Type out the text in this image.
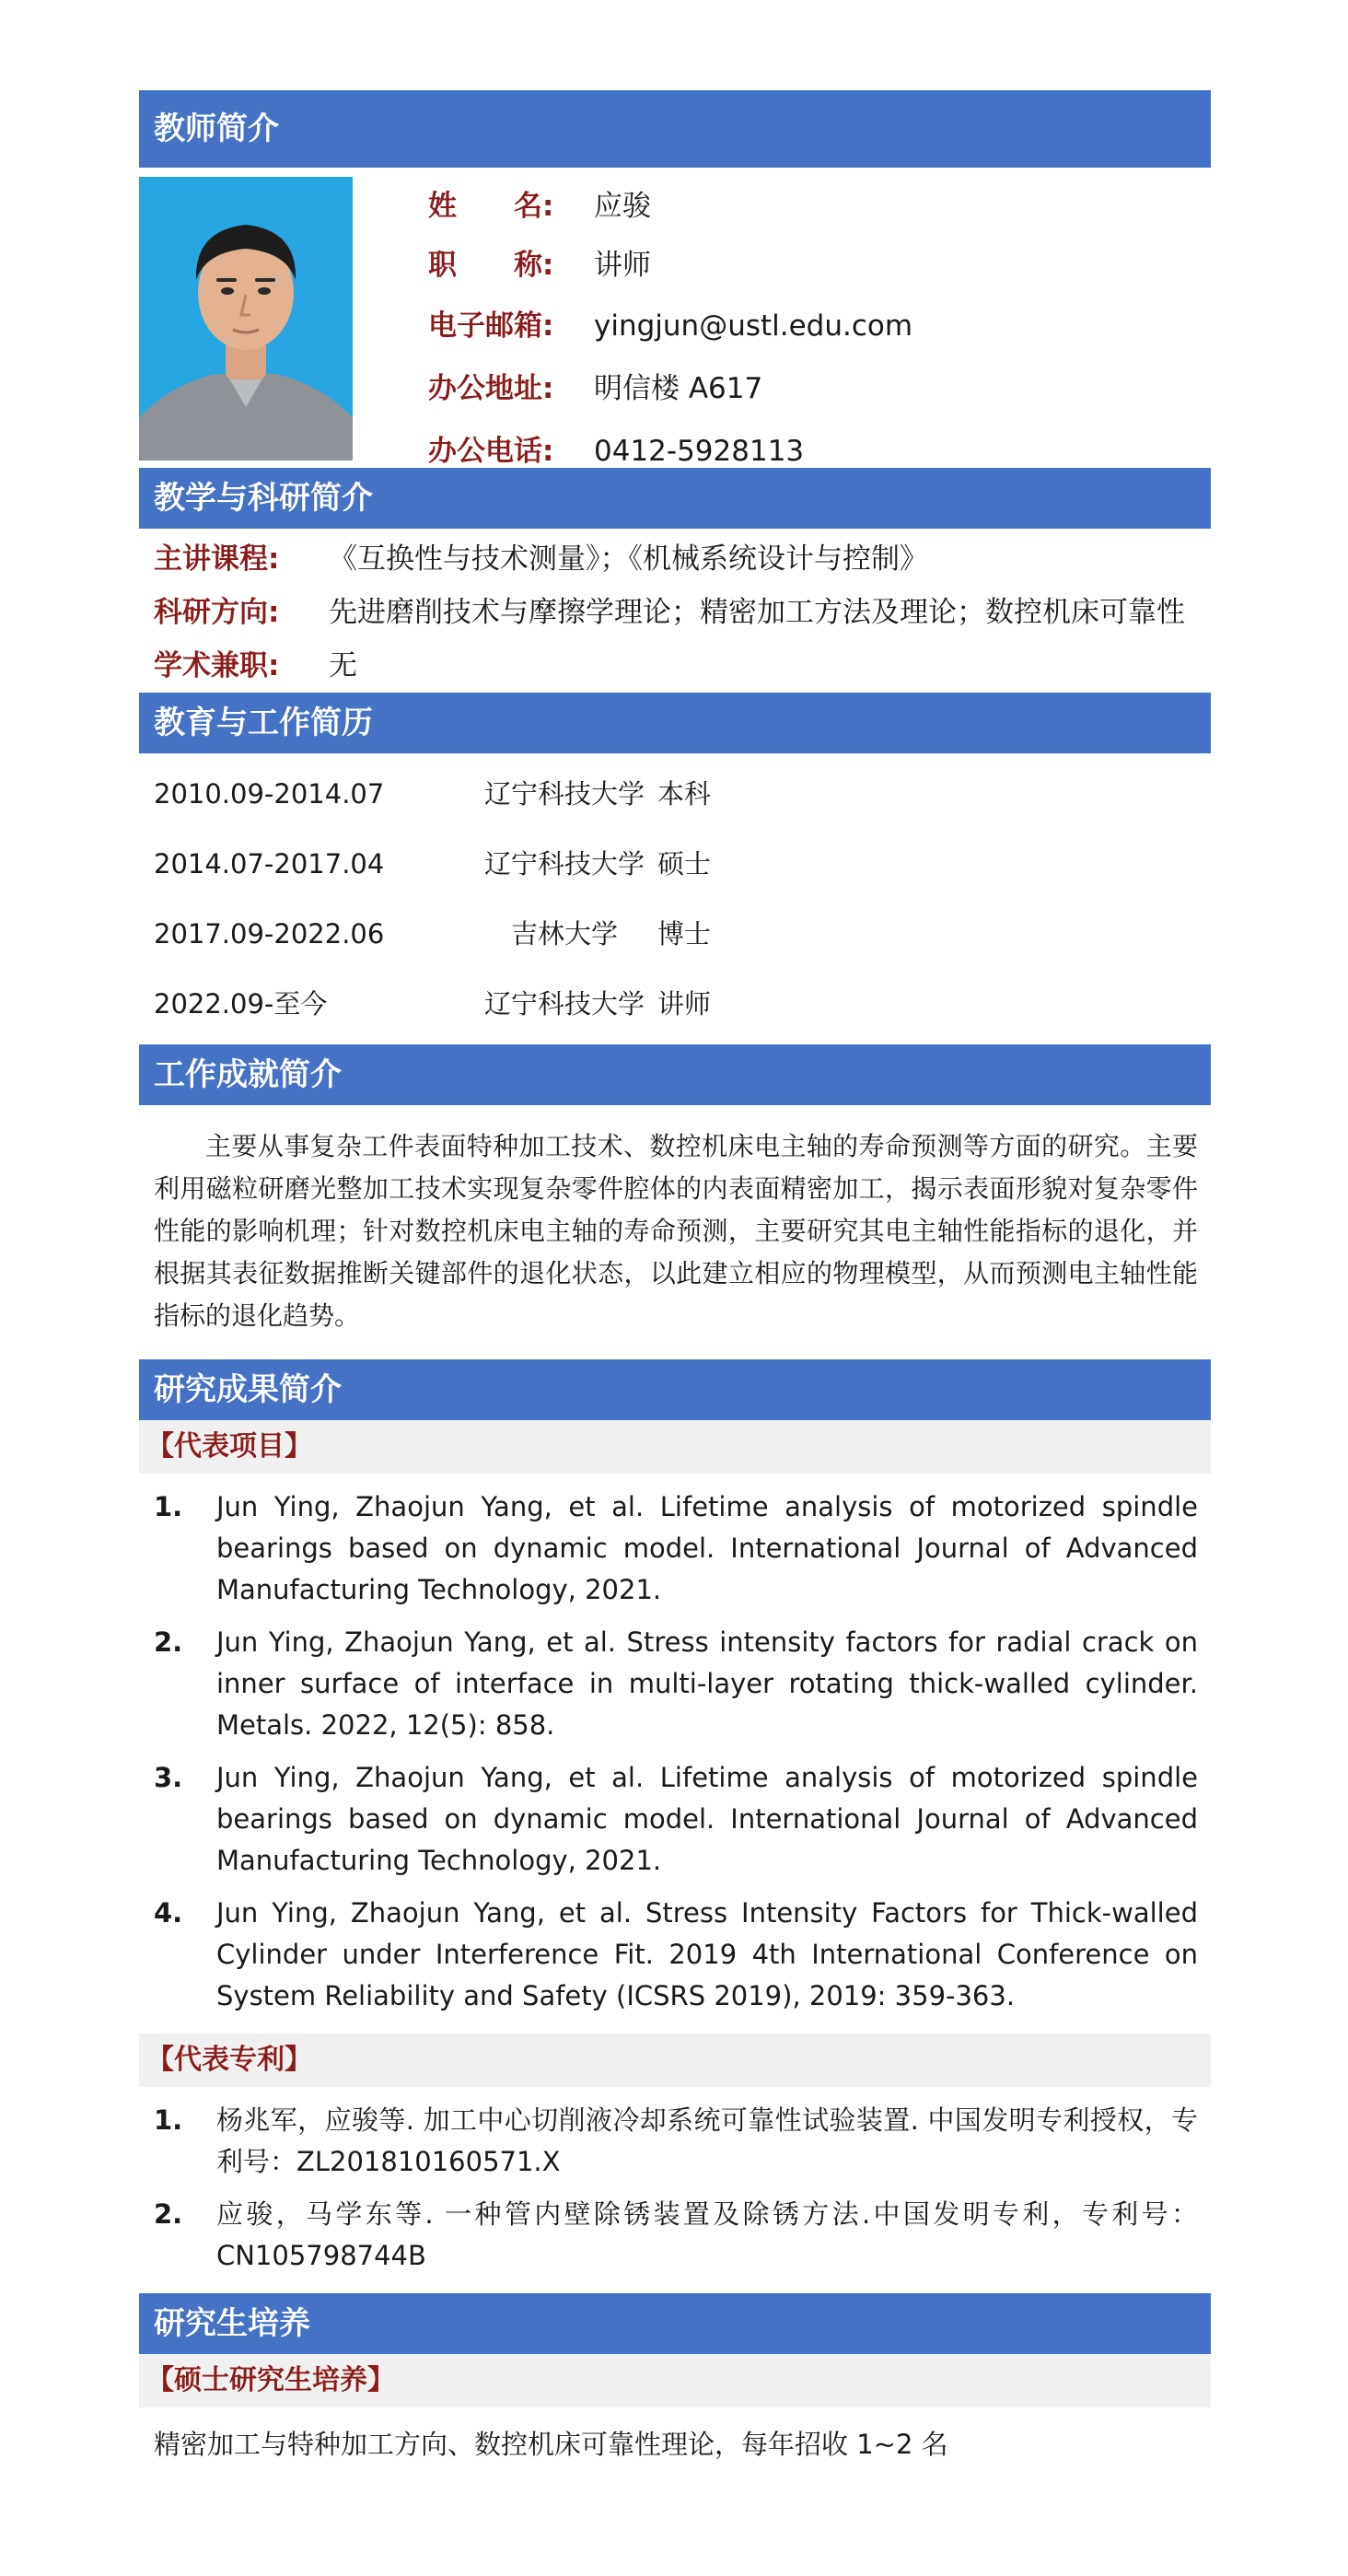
教师简介
姓　　名: 应骏
职　　称: 讲师
电子邮箱: yingjun@ustl.edu.com
办公地址: 明信楼 A617
办公电话: 0412-5928113
教学与科研简介
主讲课程:	《互换性与技术测量》；《机械系统设计与控制》
科研方向:	先进磨削技术与摩擦学理论；精密加工方法及理论；数控机床可靠性
学术兼职:	无
教育与工作简历
2010.09-2014.07	辽宁科技大学 本科
2014.07-2017.04	辽宁科技大学 硕士
2017.09-2022.06	吉林大学	博士
2022.09-至今	辽宁科技大学 讲师
工作成就简介
主要从事复杂工件表面特种加工技术、数控机床电主轴的寿命预测等方面的研究。主要利用磁粒研磨光整加工技术实现复杂零件腔体的内表面精密加工，揭示表面形貌对复杂零件性能的影响机理；针对数控机床电主轴的寿命预测，主要研究其电主轴性能指标的退化，并根据其表征数据推断关键部件的退化状态，以此建立相应的物理模型，从而预测电主轴性能指标的退化趋势。
研究成果简介
【代表项目】
1.	Jun Ying, Zhaojun Yang, et al. Lifetime analysis of motorized spindle bearings based on dynamic model. International Journal of Advanced Manufacturing Technology, 2021.
2.	Jun Ying, Zhaojun Yang, et al. Stress intensity factors for radial crack on inner surface of interface in multi-layer rotating thick-walled cylinder. Metals. 2022, 12(5): 858.
3.	Jun Ying, Zhaojun Yang, et al. Lifetime analysis of motorized spindle bearings based on dynamic model. International Journal of Advanced Manufacturing Technology, 2021.
4.	Jun Ying, Zhaojun Yang, et al. Stress Intensity Factors for Thick-walled Cylinder under Interference Fit. 2019 4th International Conference on System Reliability and Safety (ICSRS 2019), 2019: 359-363.
【代表专利】
1.	杨兆军，应骏等. 加工中心切削液冷却系统可靠性试验装置. 中国发明专利授权，专利号：ZL201810160571.X
2.	应骏，马学东等. 一种管内壁除锈装置及除锈方法.中国发明专利，专利号：CN105798744B
研究生培养
【硕士研究生培养】
精密加工与特种加工方向、数控机床可靠性理论，每年招收 1~2 名
